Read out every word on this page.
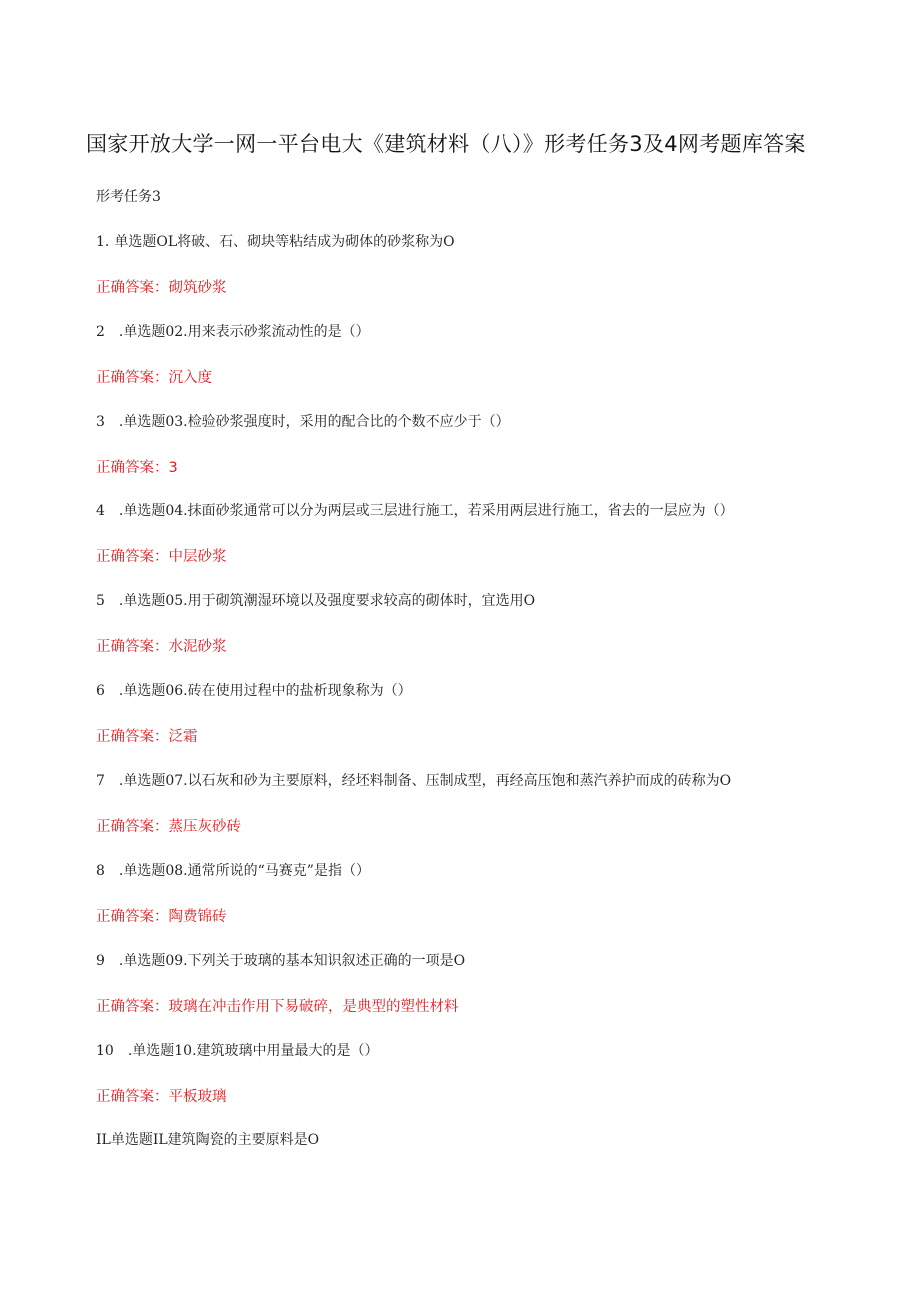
国家开放大学一网一平台电大《建筑材料（八）》形考任务3及4网考题库答案
形考任务3
1. 单选题OL将破、石、砌块等粘结成为砌体的砂浆称为O
正确答案：砌筑砂浆
2 .单选题02.用来表示砂浆流动性的是（）
正确答案：沉入度
3 .单选题03.检验砂浆强度时，采用的配合比的个数不应少于（）
正确答案：3
4 .单选题04.抹面砂浆通常可以分为两层或三层进行施工，若采用两层进行施工，省去的一层应为（）
正确答案：中层砂浆
5 .单选题05.用于砌筑潮湿环境以及强度要求较高的砌体时，宜选用O
正确答案：水泥砂浆
6 .单选题06.砖在使用过程中的盐析现象称为（）
正确答案：泛霜
7 .单选题07.以石灰和砂为主要原料，经坯料制备、压制成型，再经高压饱和蒸汽养护而成的砖称为O
正确答案：蒸压灰砂砖
8 .单选题08.通常所说的“马赛克”是指（）
正确答案：陶费锦砖
9 .单选题09.下列关于玻璃的基本知识叙述正确的一项是O
正确答案：玻璃在冲击作用下易破碎，是典型的塑性材料
10 .单选题10.建筑玻璃中用量最大的是（）
正确答案：平板玻璃
IL单选题IL建筑陶瓷的主要原料是O
